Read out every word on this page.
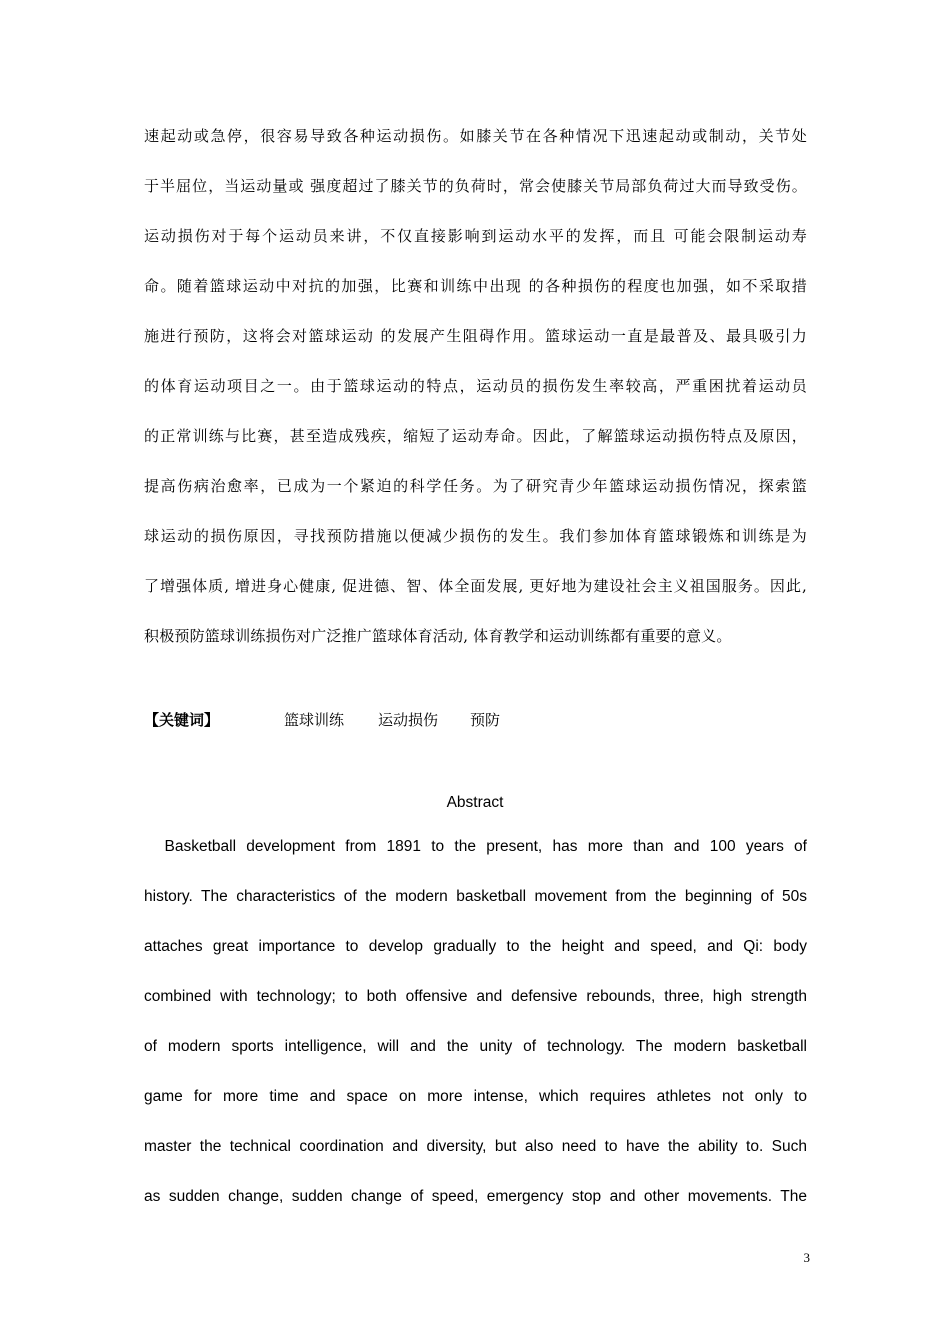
速起动或急停，很容易导致各种运动损伤。如膝关节在各种情况下迅速起动或制动，关节处
于半屈位，当运动量或 强度超过了膝关节的负荷时，常会使膝关节局部负荷过大而导致受伤。
运动损伤对于每个运动员来讲，不仅直接影响到运动水平的发挥，而且 可能会限制运动寿
命。随着篮球运动中对抗的加强，比赛和训练中出现 的各种损伤的程度也加强，如不采取措
施进行预防，这将会对篮球运动 的发展产生阻碍作用。篮球运动一直是最普及、最具吸引力
的体育运动项目之一。由于篮球运动的特点，运动员的损伤发生率较高，严重困扰着运动员
的正常训练与比赛，甚至造成残疾，缩短了运动寿命。因此，了解篮球运动损伤特点及原因，
提高伤病治愈率，已成为一个紧迫的科学任务。为了研究青少年篮球运动损伤情况，探索篮
球运动的损伤原因，寻找预防措施以便减少损伤的发生。我们参加体育篮球锻炼和训练是为
了增强体质, 增进身心健康, 促进德、智、体全面发展, 更好地为建设社会主义祖国服务。因此,
积极预防篮球训练损伤对广泛推广篮球体育活动, 体育教学和运动训练都有重要的意义。
【关键词】	篮球训练 运动损伤 预防
Abstract
Basketball development from 1891 to the present, has more than and 100 years of
history. The characteristics of the modern basketball movement from the beginning of 50s
attaches great importance to develop gradually to the height and speed, and Qi: body
combined with technology; to both offensive and defensive rebounds, three, high strength
of modern sports intelligence, will and the unity of technology. The modern basketball
game for more time and space on more intense, which requires athletes not only to
master the technical coordination and diversity, but also need to have the ability to. Such
as sudden change, sudden change of speed, emergency stop and other movements. The
3
